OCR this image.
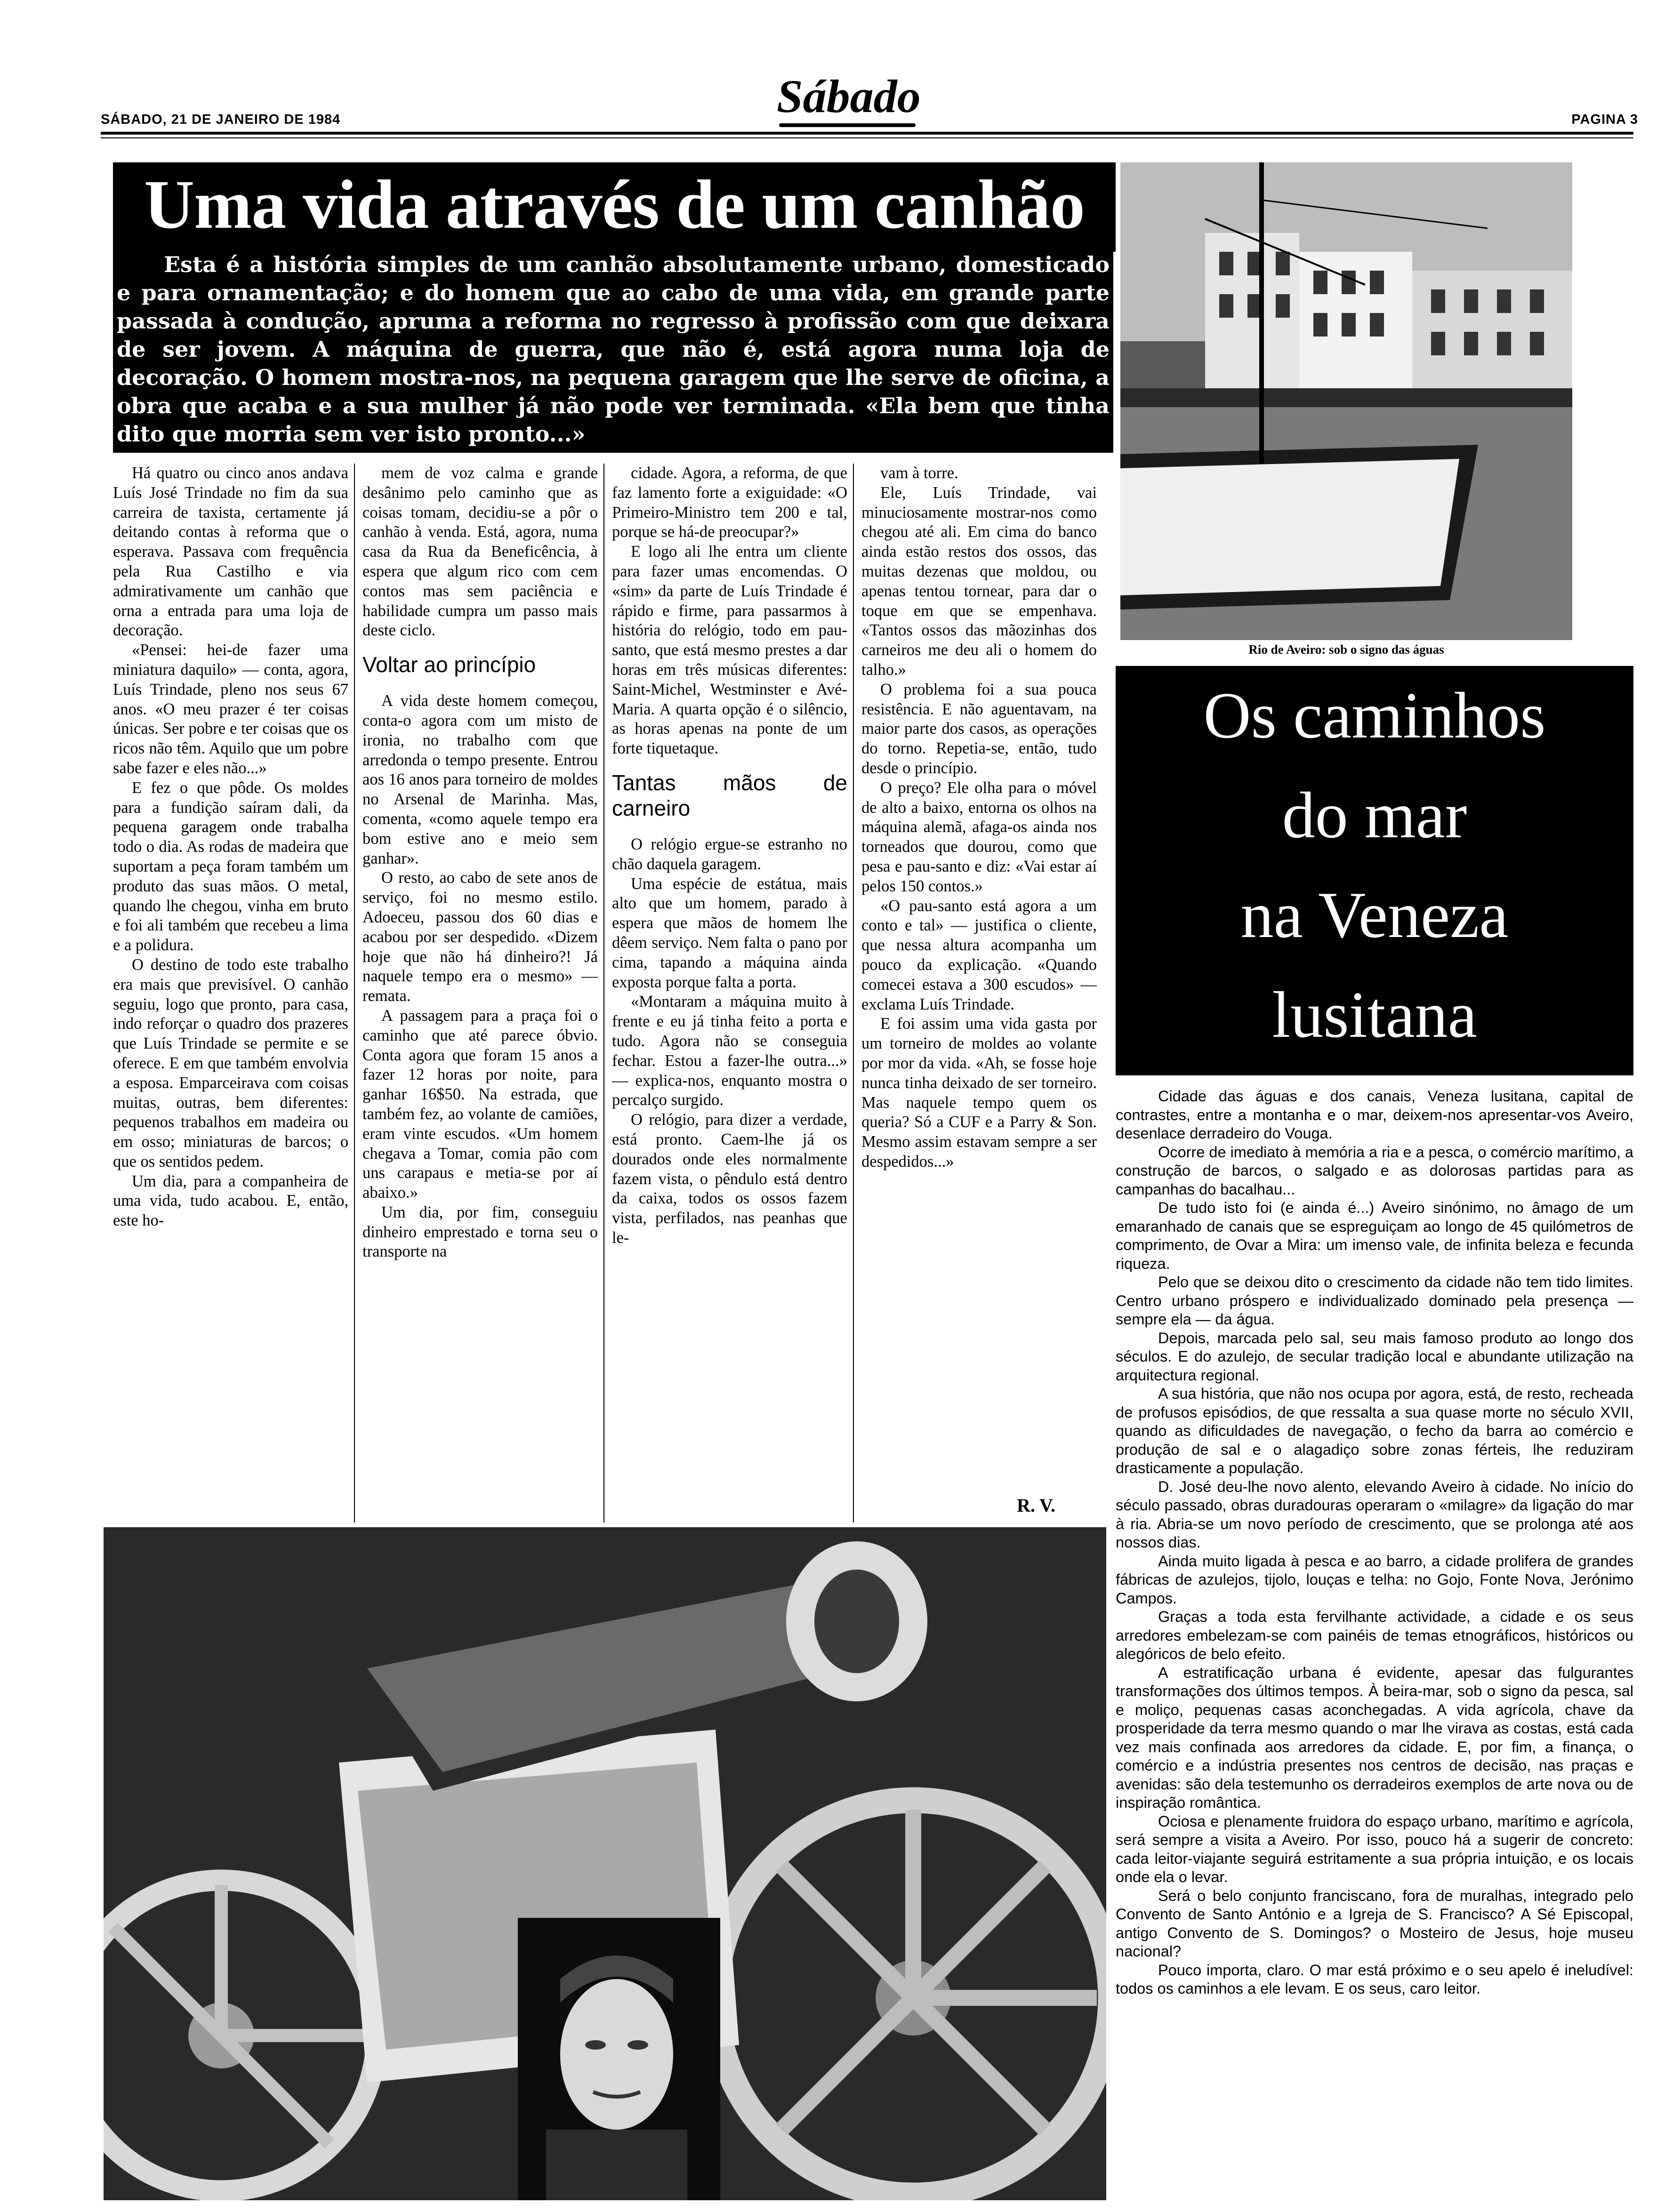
SÁBADO, 21 DE JANEIRO DE 1984	Sábado	PAGINA 3
Uma vida através de um canhão

Esta é a história simples de um canhão absolutamente urbano, domesticado e para ornamentação; e do homem que ao cabo de uma vida, em grande parte passada à condução, apruma a reforma no regresso à profissão com que deixara de ser jovem. A máquina de guerra, que não é, está agora numa loja de decoração. O homem mostra-nos, na pequena garagem que lhe serve de oficina, a obra que acaba e a sua mulher já não pode ver terminada. «Ela bem que tinha dito que morria sem ver isto pronto...»

Há quatro ou cinco anos andava Luís José Trindade no fim da sua carreira de taxista, certamente já deitando contas à reforma que o esperava. Passava com frequência pela Rua Castilho e via admirativamente um canhão que orna a entrada para uma loja de decoração.

«Pensei: hei-de fazer uma miniatura daquilo» — conta, agora, Luís Trindade, pleno nos seus 67 anos. «O meu prazer é ter coisas únicas. Ser pobre e ter coisas que os ricos não têm. Aquilo que um pobre sabe fazer e eles não...»

E fez o que pôde. Os moldes para a fundição saíram dali, da pequena garagem onde trabalha todo o dia. As rodas de madeira que suportam a peça foram também um produto das suas mãos. O metal, quando lhe chegou, vinha em bruto e foi ali também que recebeu a lima e a polidura.

O destino de todo este trabalho era mais que previsível. O canhão seguiu, logo que pronto, para casa, indo reforçar o quadro dos prazeres que Luís Trindade se permite e se oferece. E em que também envolvia a esposa. Emparceirava com coisas muitas, outras, bem diferentes: pequenos trabalhos em madeira ou em osso; miniaturas de barcos; o que os sentidos pedem.

Um dia, para a companheira de uma vida, tudo acabou. E, então, este ho-

mem de voz calma e grande desânimo pelo caminho que as coisas tomam, decidiu-se a pôr o canhão à venda. Está, agora, numa casa da Rua da Beneficência, à espera que algum rico com cem contos mas sem paciência e habilidade cumpra um passo mais deste ciclo.

Voltar ao princípio

A vida deste homem começou, conta-o agora com um misto de ironia, no trabalho com que arredonda o tempo presente. Entrou aos 16 anos para torneiro de moldes no Arsenal de Marinha. Mas, comenta, «como aquele tempo era bom estive ano e meio sem ganhar».

O resto, ao cabo de sete anos de serviço, foi no mesmo estilo. Adoeceu, passou dos 60 dias e acabou por ser despedido. «Dizem hoje que não há dinheiro?! Já naquele tempo era o mesmo» — remata.

A passagem para a praça foi o caminho que até parece óbvio. Conta agora que foram 15 anos a fazer 12 horas por noite, para ganhar 16$50. Na estrada, que também fez, ao volante de camiões, eram vinte escudos. «Um homem chegava a Tomar, comia pão com uns carapaus e metia-se por aí abaixo.»

Um dia, por fim, conseguiu dinheiro emprestado e torna seu o transporte na

cidade. Agora, a reforma, de que faz lamento forte a exiguidade: «O Primeiro-Ministro tem 200 e tal, porque se há-de preocupar?»

E logo ali lhe entra um cliente para fazer umas encomendas. O «sim» da parte de Luís Trindade é rápido e firme, para passarmos à história do relógio, todo em pau-santo, que está mesmo prestes a dar horas em três músicas diferentes: Saint-Michel, Westminster e Avé-Maria. A quarta opção é o silêncio, as horas apenas na ponte de um forte tiquetaque.

Tantas mãos de carneiro

O relógio ergue-se estranho no chão daquela garagem.

Uma espécie de estátua, mais alto que um homem, parado à espera que mãos de homem lhe dêem serviço. Nem falta o pano por cima, tapando a máquina ainda exposta porque falta a porta.

«Montaram a máquina muito à frente e eu já tinha feito a porta e tudo. Agora não se conseguia fechar. Estou a fazer-lhe outra...» — explica-nos, enquanto mostra o percalço surgido.

O relógio, para dizer a verdade, está pronto. Caem-lhe já os dourados onde eles normalmente fazem vista, o pêndulo está dentro da caixa, todos os ossos fazem vista, perfilados, nas peanhas que le-

vam à torre.

Ele, Luís Trindade, vai minuciosamente mostrar-nos como chegou até ali. Em cima do banco ainda estão restos dos ossos, das muitas dezenas que moldou, ou apenas tentou tornear, para dar o toque em que se empenhava. «Tantos ossos das mãozinhas dos carneiros me deu ali o homem do talho.»

O problema foi a sua pouca resistência. E não aguentavam, na maior parte dos casos, as operações do torno. Repetia-se, então, tudo desde o princípio.

O preço? Ele olha para o móvel de alto a baixo, entorna os olhos na máquina alemã, afaga-os ainda nos torneados que dourou, como que pesa e pau-santo e diz: «Vai estar aí pelos 150 contos.»

«O pau-santo está agora a um conto e tal» — justifica o cliente, que nessa altura acompanha um pouco da explicação. «Quando comecei estava a 300 escudos» — exclama Luís Trindade.

E foi assim uma vida gasta por um torneiro de moldes ao volante por mor da vida. «Ah, se fosse hoje nunca tinha deixado de ser torneiro. Mas naquele tempo quem os queria? Só a CUF e a Parry & Son. Mesmo assim estavam sempre a ser despedidos...»

R. V.
Rio de Aveiro: sob o signo das águas
Os caminhos
do mar
na Veneza
lusitana

Cidade das águas e dos canais, Veneza lusitana, capital de contrastes, entre a montanha e o mar, deixem-nos apresentar-vos Aveiro, desenlace derradeiro do Vouga.

Ocorre de imediato à memória a ria e a pesca, o comércio marítimo, a construção de barcos, o salgado e as dolorosas partidas para as campanhas do bacalhau...

De tudo isto foi (e ainda é...) Aveiro sinónimo, no âmago de um emaranhado de canais que se espreguiçam ao longo de 45 quilómetros de comprimento, de Ovar a Mira: um imenso vale, de infinita beleza e fecunda riqueza.

Pelo que se deixou dito o crescimento da cidade não tem tido limites. Centro urbano próspero e individualizado dominado pela presença — sempre ela — da água.

Depois, marcada pelo sal, seu mais famoso produto ao longo dos séculos. E do azulejo, de secular tradição local e abundante utilização na arquitectura regional.

A sua história, que não nos ocupa por agora, está, de resto, recheada de profusos episódios, de que ressalta a sua quase morte no século XVII, quando as dificuldades de navegação, o fecho da barra ao comércio e produção de sal e o alagadiço sobre zonas férteis, lhe reduziram drasticamente a população.

D. José deu-lhe novo alento, elevando Aveiro à cidade. No início do século passado, obras duradouras operaram o «milagre» da ligação do mar à ria. Abria-se um novo período de crescimento, que se prolonga até aos nossos dias.

Ainda muito ligada à pesca e ao barro, a cidade prolifera de grandes fábricas de azulejos, tijolo, louças e telha: no Gojo, Fonte Nova, Jerónimo Campos.

Graças a toda esta fervilhante actividade, a cidade e os seus arredores embelezam-se com painéis de temas etnográficos, históricos ou alegóricos de belo efeito.

A estratificação urbana é evidente, apesar das fulgurantes transformações dos últimos tempos. À beira-mar, sob o signo da pesca, sal e moliço, pequenas casas aconchegadas. A vida agrícola, chave da prosperidade da terra mesmo quando o mar lhe virava as costas, está cada vez mais confinada aos arredores da cidade. E, por fim, a finança, o comércio e a indústria presentes nos centros de decisão, nas praças e avenidas: são dela testemunho os derradeiros exemplos de arte nova ou de inspiração romântica.

Ociosa e plenamente fruidora do espaço urbano, marítimo e agrícola, será sempre a visita a Aveiro. Por isso, pouco há a sugerir de concreto: cada leitor-viajante seguirá estritamente a sua própria intuição, e os locais onde ela o levar.

Será o belo conjunto franciscano, fora de muralhas, integrado pelo Convento de Santo António e a Igreja de S. Francisco? A Sé Episcopal, antigo Convento de S. Domingos? o Mosteiro de Jesus, hoje museu nacional?

Pouco importa, claro. O mar está próximo e o seu apelo é ineludível: todos os caminhos a ele levam. E os seus, caro leitor.
